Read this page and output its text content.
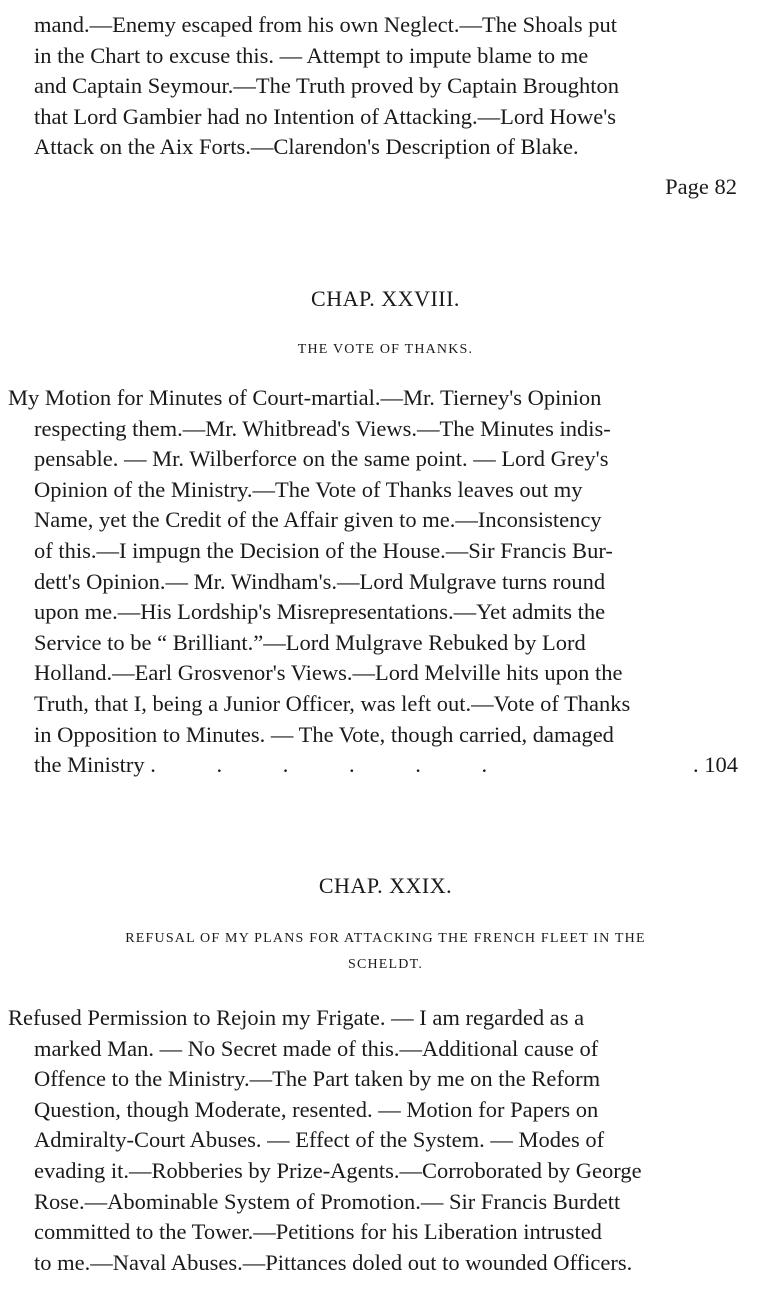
mand.—Enemy escaped from his own Neglect.—The Shoals put
in the Chart to excuse this. — Attempt to impute blame to me
and Captain Seymour.—The Truth proved by Captain Broughton
that Lord Gambier had no Intention of Attacking.—Lord Howe's
Attack on the Aix Forts.—Clarendon's Description of Blake.
Page 82
CHAP. XXVIII.
THE VOTE OF THANKS.
My Motion for Minutes of Court-martial.—Mr. Tierney's Opinion
respecting them.—Mr. Whitbread's Views.—The Minutes indis-
pensable. — Mr. Wilberforce on the same point. — Lord Grey's
Opinion of the Ministry.—The Vote of Thanks leaves out my
Name, yet the Credit of the Affair given to me.—Inconsistency
of this.—I impugn the Decision of the House.—Sir Francis Bur-
dett's Opinion.— Mr. Windham's.—Lord Mulgrave turns round
upon me.—His Lordship's Misrepresentations.—Yet admits the
Service to be “ Brilliant.”—Lord Mulgrave Rebuked by Lord
Holland.—Earl Grosvenor's Views.—Lord Melville hits upon the
Truth, that I, being a Junior Officer, was left out.—Vote of Thanks
in Opposition to Minutes. — The Vote, though carried, damaged
the Ministry . . . . . .	. 104
CHAP. XXIX.
REFUSAL OF MY PLANS FOR ATTACKING THE FRENCH FLEET IN THE
SCHELDT.
Refused Permission to Rejoin my Frigate. — I am regarded as a
marked Man. — No Secret made of this.—Additional cause of
Offence to the Ministry.—The Part taken by me on the Reform
Question, though Moderate, resented. — Motion for Papers on
Admiralty-Court Abuses. — Effect of the System. — Modes of
evading it.—Robberies by Prize-Agents.—Corroborated by George
Rose.—Abominable System of Promotion.— Sir Francis Burdett
committed to the Tower.—Petitions for his Liberation intrusted
to me.—Naval Abuses.—Pittances doled out to wounded Officers.
